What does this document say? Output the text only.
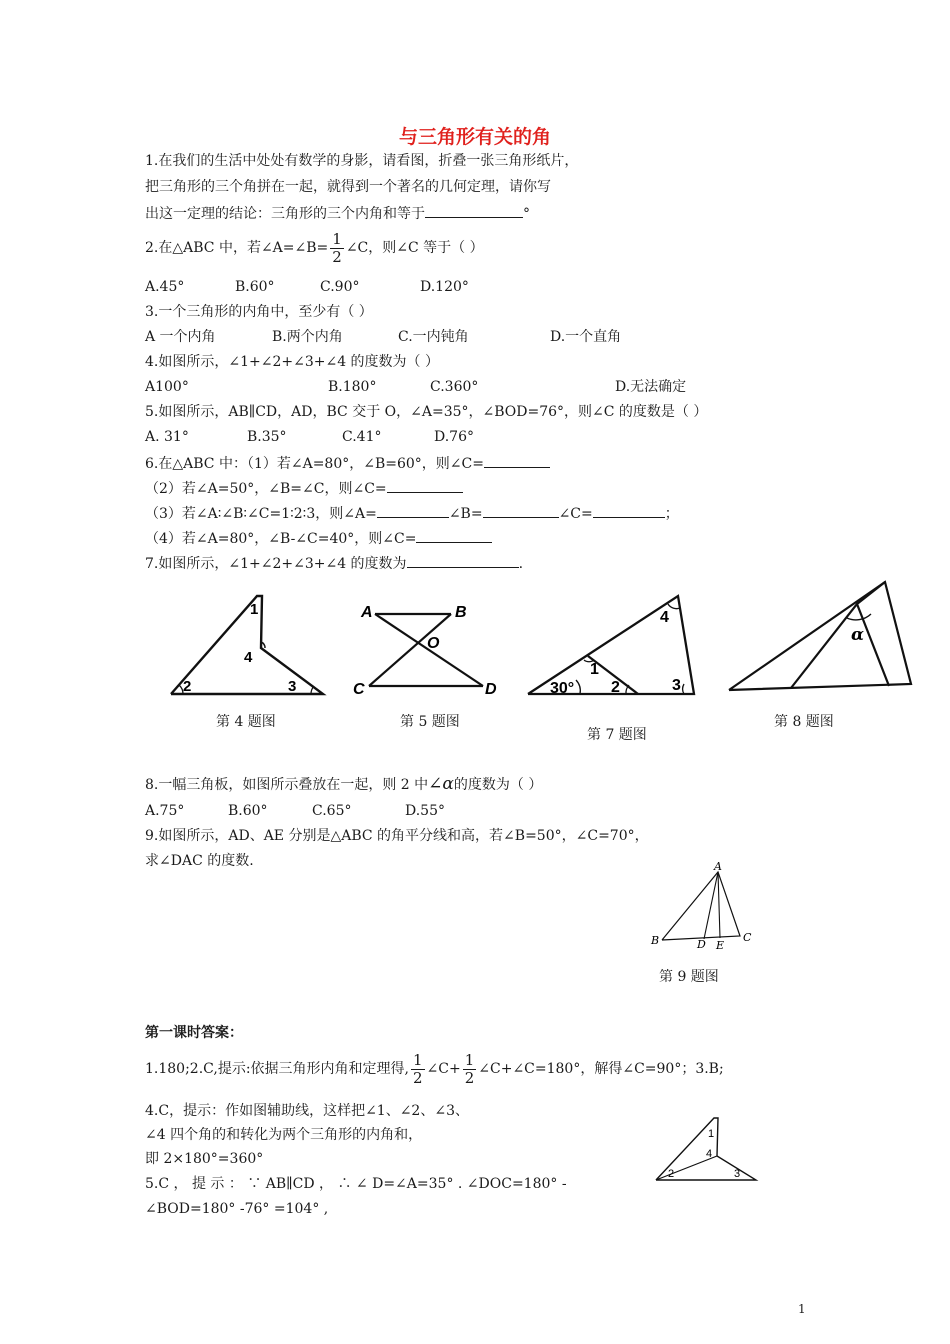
与三角形有关的角
1.在我们的生活中处处有数学的身影，请看图，折叠一张三角形纸片，
把三角形的三个角拼在一起，就得到一个著名的几何定理，请你写
出这一定理的结论：三角形的三个内角和等于	°
2.在△ABC 中，若∠A=∠B= $\frac{1}{2}$ ∠C，则∠C 等于（ ）
A.45°	B.60°	C.90°	D.120°
3.一个三角形的内角中，至少有（ ）
A 一个内角	B.两个内角	C.一内钝角	D.一个直角
4.如图所示，∠1+∠2+∠3+∠4 的度数为（ ）
A100°	B.180°	C.360°	D.无法确定
5.如图所示，AB∥CD，AD，BC 交于 O，∠A=35°，∠BOD=76°，则∠C 的度数是（ ）
A. 31°	B.35°	C.41°	D.76°
6.在△ABC 中：（1）若∠A=80°，∠B=60°，则∠C=
（2）若∠A=50°，∠B=∠C，则∠C=
（3）若∠A∶∠B∶∠C=1∶2∶3，则∠A=	∠B=	∠C=	；
（4）若∠A=80°，∠B-∠C=40°，则∠C=
7.如图所示，∠1+∠2+∠3+∠4 的度数为	.
1
4
2	3
第 4 题图
A	B
O
C	D
第 5 题图
4
1
30° 2	3
第 7 题图
α
第 8 题图
8.一幅三角板，如图所示叠放在一起，则 2 中∠α的度数为（ ）
A.75°	B.60°	C.65°	D.55°
9.如图所示，AD、AE 分别是△ABC 的角平分线和高，若∠B=50°，∠C=70°，
求∠DAC 的度数.	A
B	D E
C
第 9 题图
第一课时答案：
1.180;2.C,提示:依据三角形内角和定理得, $\frac{1}{2}$ ∠C+ $\frac{1}{2}$ ∠C+∠C=180°，解得∠C=90°；3.B;
4.C，提示：作如图辅助线，这样把∠1、∠2、∠3、
∠4 四个角的和转化为两个三角形的内角和，
即 2×180°=360°
5.C ， 提 示 ： ∵ AB∥CD ， ∴ ∠ D=∠A=35° . ∠DOC=180° -
∠BOD=180° -76° =104° ,
1
4
2	3
1
